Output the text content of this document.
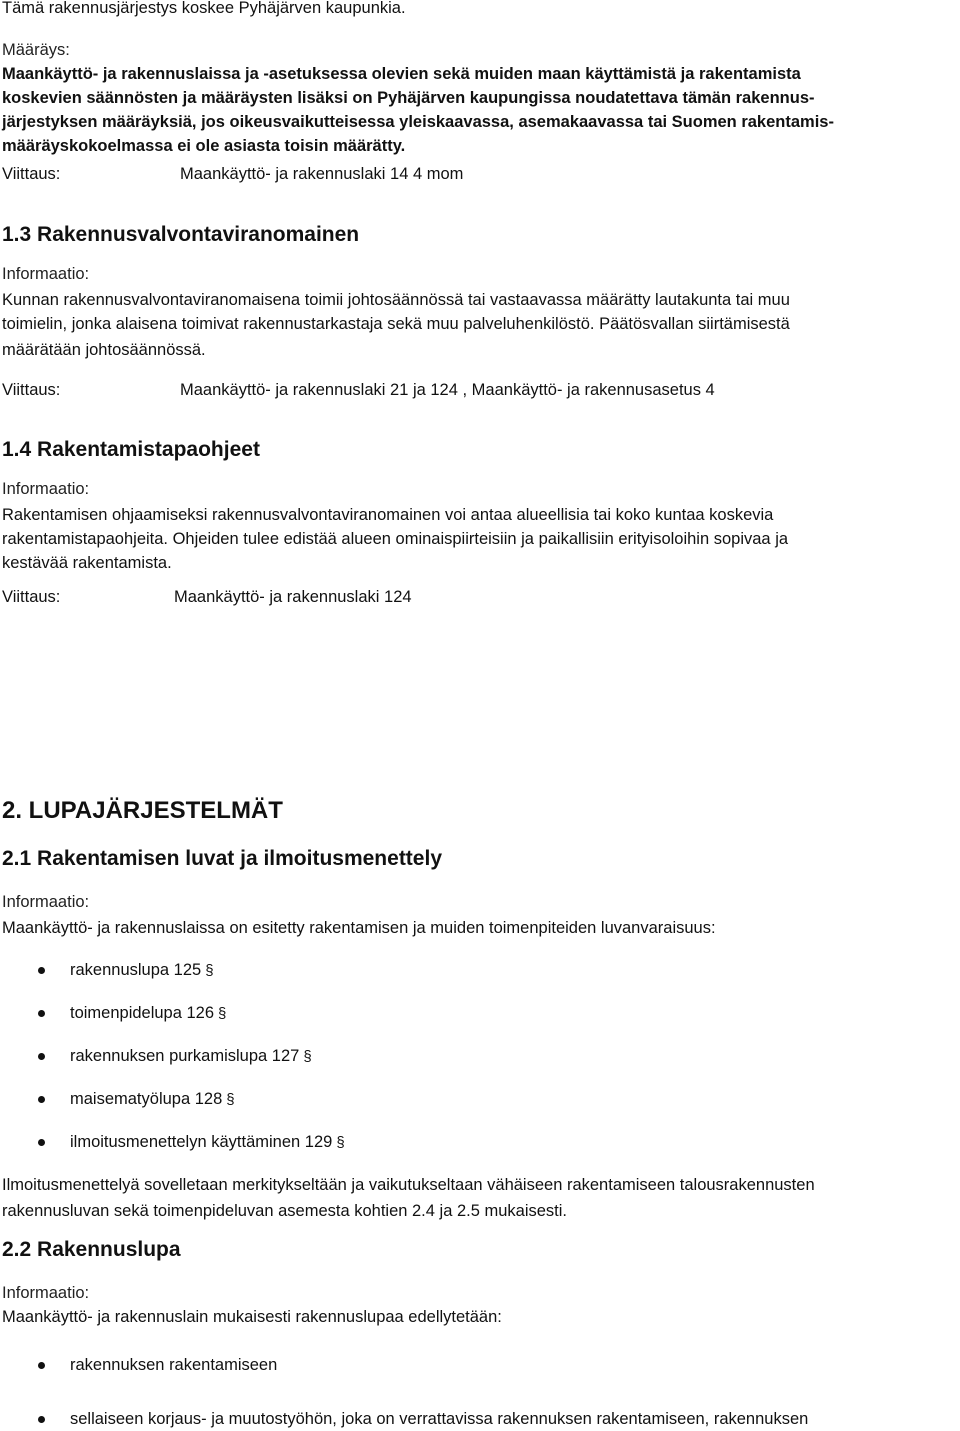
Tämä rakennusjärjestys koskee Pyhäjärven kaupunkia.
Määräys:
Maankäyttö- ja rakennuslaissa ja -asetuksessa olevien sekä muiden maan käyttämistä ja rakentamista
koskevien säännösten ja määräysten lisäksi on Pyhäjärven kaupungissa noudatettava tämän rakennus-
järjestyksen määräyksiä, jos oikeusvaikutteisessa yleiskaavassa, asemakaavassa tai Suomen rakentamis-
määräyskokoelmassa ei ole asiasta toisin määrätty.
Viittaus:	Maankäyttö- ja rakennuslaki 14 4 mom
1.3 Rakennusvalvontaviranomainen
Informaatio:
Kunnan rakennusvalvontaviranomaisena toimii johtosäännössä tai vastaavassa määrätty lautakunta tai muu
toimielin, jonka alaisena toimivat rakennustarkastaja sekä muu palveluhenkilöstö. Päätösvallan siirtämisestä
määrätään johtosäännössä.
Viittaus:	Maankäyttö- ja rakennuslaki 21 ja 124 , Maankäyttö- ja rakennusasetus 4
1.4 Rakentamistapaohjeet
Informaatio:
Rakentamisen ohjaamiseksi rakennusvalvontaviranomainen voi antaa alueellisia tai koko kuntaa koskevia
rakentamistapaohjeita. Ohjeiden tulee edistää alueen ominaispiirteisiin ja paikallisiin erityisoloihin sopivaa ja
kestävää rakentamista.
Viittaus:	Maankäyttö- ja rakennuslaki 124
2. LUPAJÄRJESTELMÄT
2.1 Rakentamisen luvat ja ilmoitusmenettely
Informaatio:
Maankäyttö- ja rakennuslaissa on esitetty rakentamisen ja muiden toimenpiteiden luvanvaraisuus:
rakennuslupa 125 §
toimenpidelupa 126 §
rakennuksen purkamislupa 127 §
maisematyölupa 128 §
ilmoitusmenettelyn käyttäminen 129 §
Ilmoitusmenettelyä sovelletaan merkitykseltään ja vaikutukseltaan vähäiseen rakentamiseen talousrakennusten
rakennusluvan sekä toimenpideluvan asemesta kohtien 2.4 ja 2.5 mukaisesti.
2.2 Rakennuslupa
Informaatio:
Maankäyttö- ja rakennuslain mukaisesti rakennuslupaa edellytetään:
rakennuksen rakentamiseen
sellaiseen korjaus- ja muutostyöhön, joka on verrattavissa rakennuksen rakentamiseen, rakennuksen
